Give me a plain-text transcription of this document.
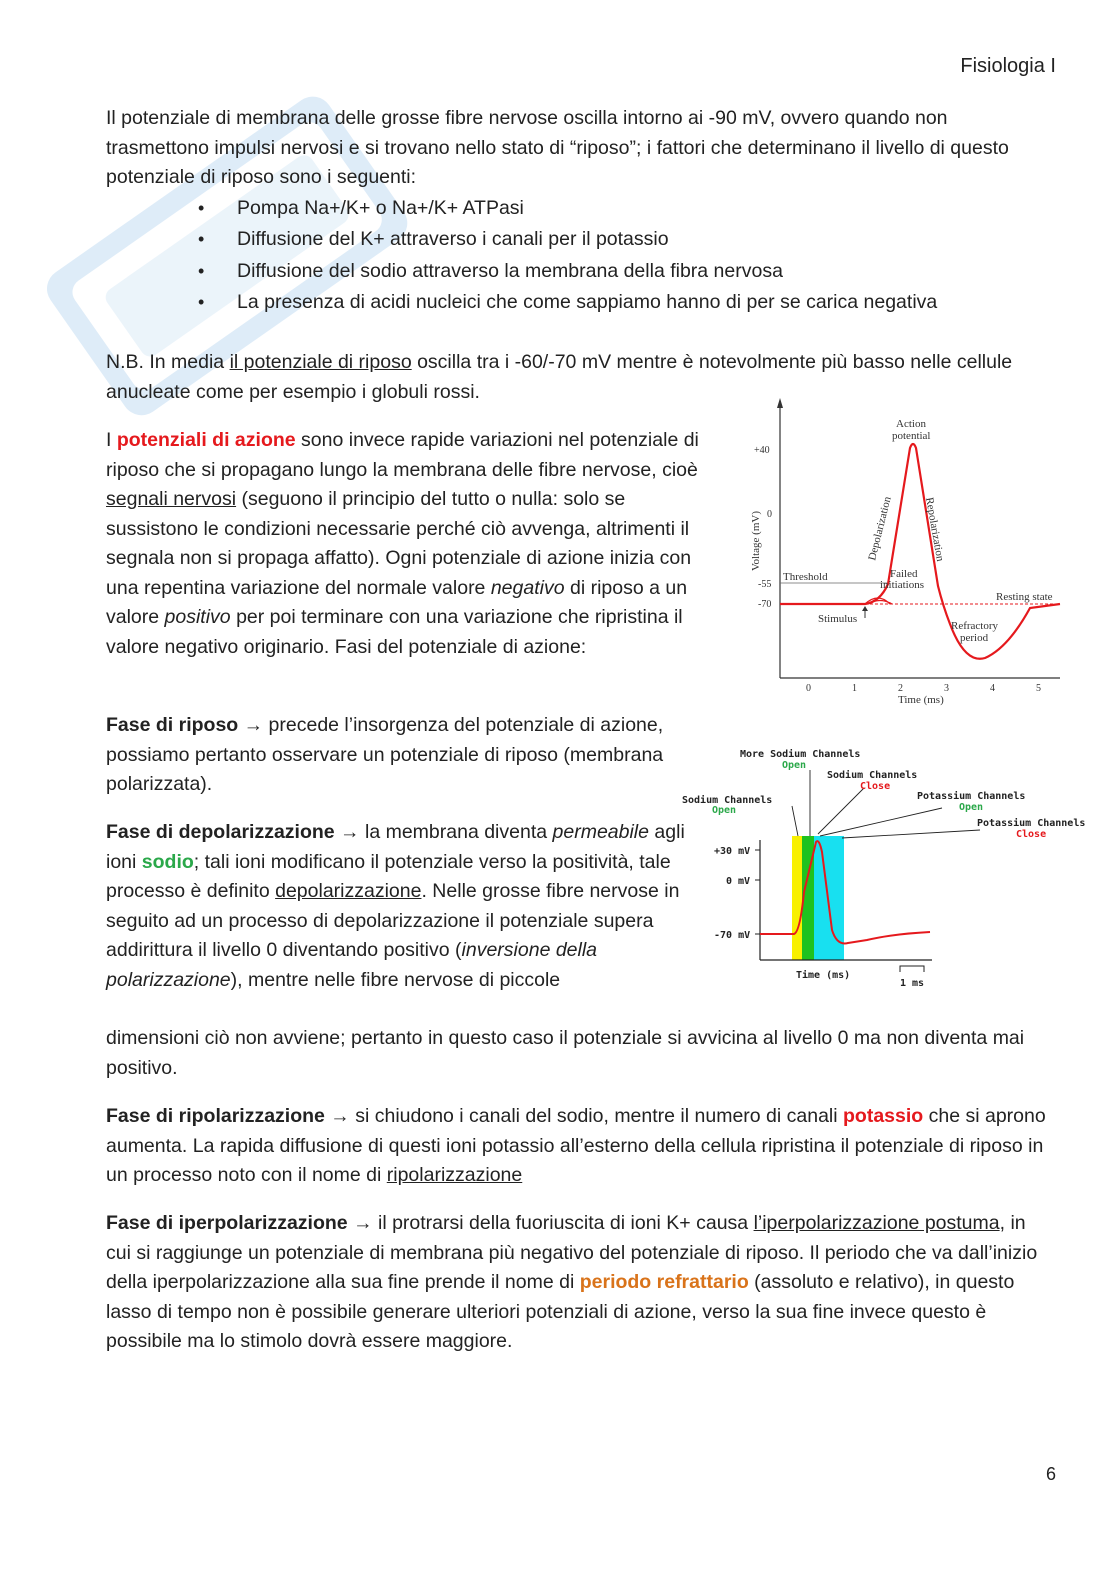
Fisiologia I

Il potenziale di membrana delle grosse fibre nervose oscilla intorno ai -90 mV, ovvero quando non trasmettono impulsi nervosi e si trovano nello stato di “riposo”; i fattori che determinano il livello di questo potenziale di riposo sono i seguenti:

• Pompa Na+/K+ o Na+/K+ ATPasi
• Diffusione del K+ attraverso i canali per il potassio
• Diffusione del sodio attraverso la membrana della fibra nervosa
• La presenza di acidi nucleici che come sappiamo hanno di per se carica negativa
N.B. In media il potenziale di riposo oscilla tra i -60/-70 mV mentre è notevolmente più basso nelle cellule anucleate come per esempio i globuli rossi.
I potenziali di azione sono invece rapide variazioni nel potenziale di riposo che si propagano lungo la membrana delle fibre nervose, cioè segnali nervosi (seguono il principio del tutto o nulla: solo se sussistono le condizioni necessarie perché ciò avvenga, altrimenti il segnala non si propaga affatto). Ogni potenziale di azione inizia con una repentina variazione del normale valore negativo di riposo a un valore positivo per poi terminare con una variazione che ripristina il valore negativo originario. Fasi del potenziale di azione:
Fase di riposo → precede l’insorgenza del potenziale di azione, possiamo pertanto osservare un potenziale di riposo (membrana polarizzata).
Fase di depolarizzazione → la membrana diventa permeabile agli ioni sodio; tali ioni modificano il potenziale verso la positività, tale processo è definito depolarizzazione. Nelle grosse fibre nervose in seguito ad un processo di depolarizzazione il potenziale supera addirittura il livello 0 diventando positivo (inversione della polarizzazione), mentre nelle fibre nervose di piccole
dimensioni ciò non avviene; pertanto in questo caso il potenziale si avvicina al livello 0 ma non diventa mai positivo.
Fase di ripolarizzazione → si chiudono i canali del sodio, mentre il numero di canali potassio che si aprono aumenta. La rapida diffusione di questi ioni potassio all’esterno della cellula ripristina il potenziale di riposo in un processo noto con il nome di ripolarizzazione
Fase di iperpolarizzazione → il protrarsi della fuoriuscita di ioni K+ causa l’iperpolarizzazione postuma, in cui si raggiunge un potenziale di membrana più negativo del potenziale di riposo. Il periodo che va dall’inizio della iperpolarizzazione alla sua fine prende il nome di periodo refrattario (assoluto e relativo), in questo lasso di tempo non è possibile generare ulteriori potenziali di azione, verso la sua fine invece questo è possibile ma lo stimolo dovrà essere maggiore.
+40
0
-55
-70
Voltage (mV)
0	1	2	3	4	5
Time (ms)
Action
potential
Depolarization	Repolarization
Threshold	Failed
initiations
Resting state
Stimulus
Refractory
period
+30 mV
0 mV
-70 mV
More Sodium Channels
Open
Sodium Channels
Close
Sodium Channels
Open
Potassium Channels
Open
Potassium Channels
Close
Time (ms)
1 ms
6
